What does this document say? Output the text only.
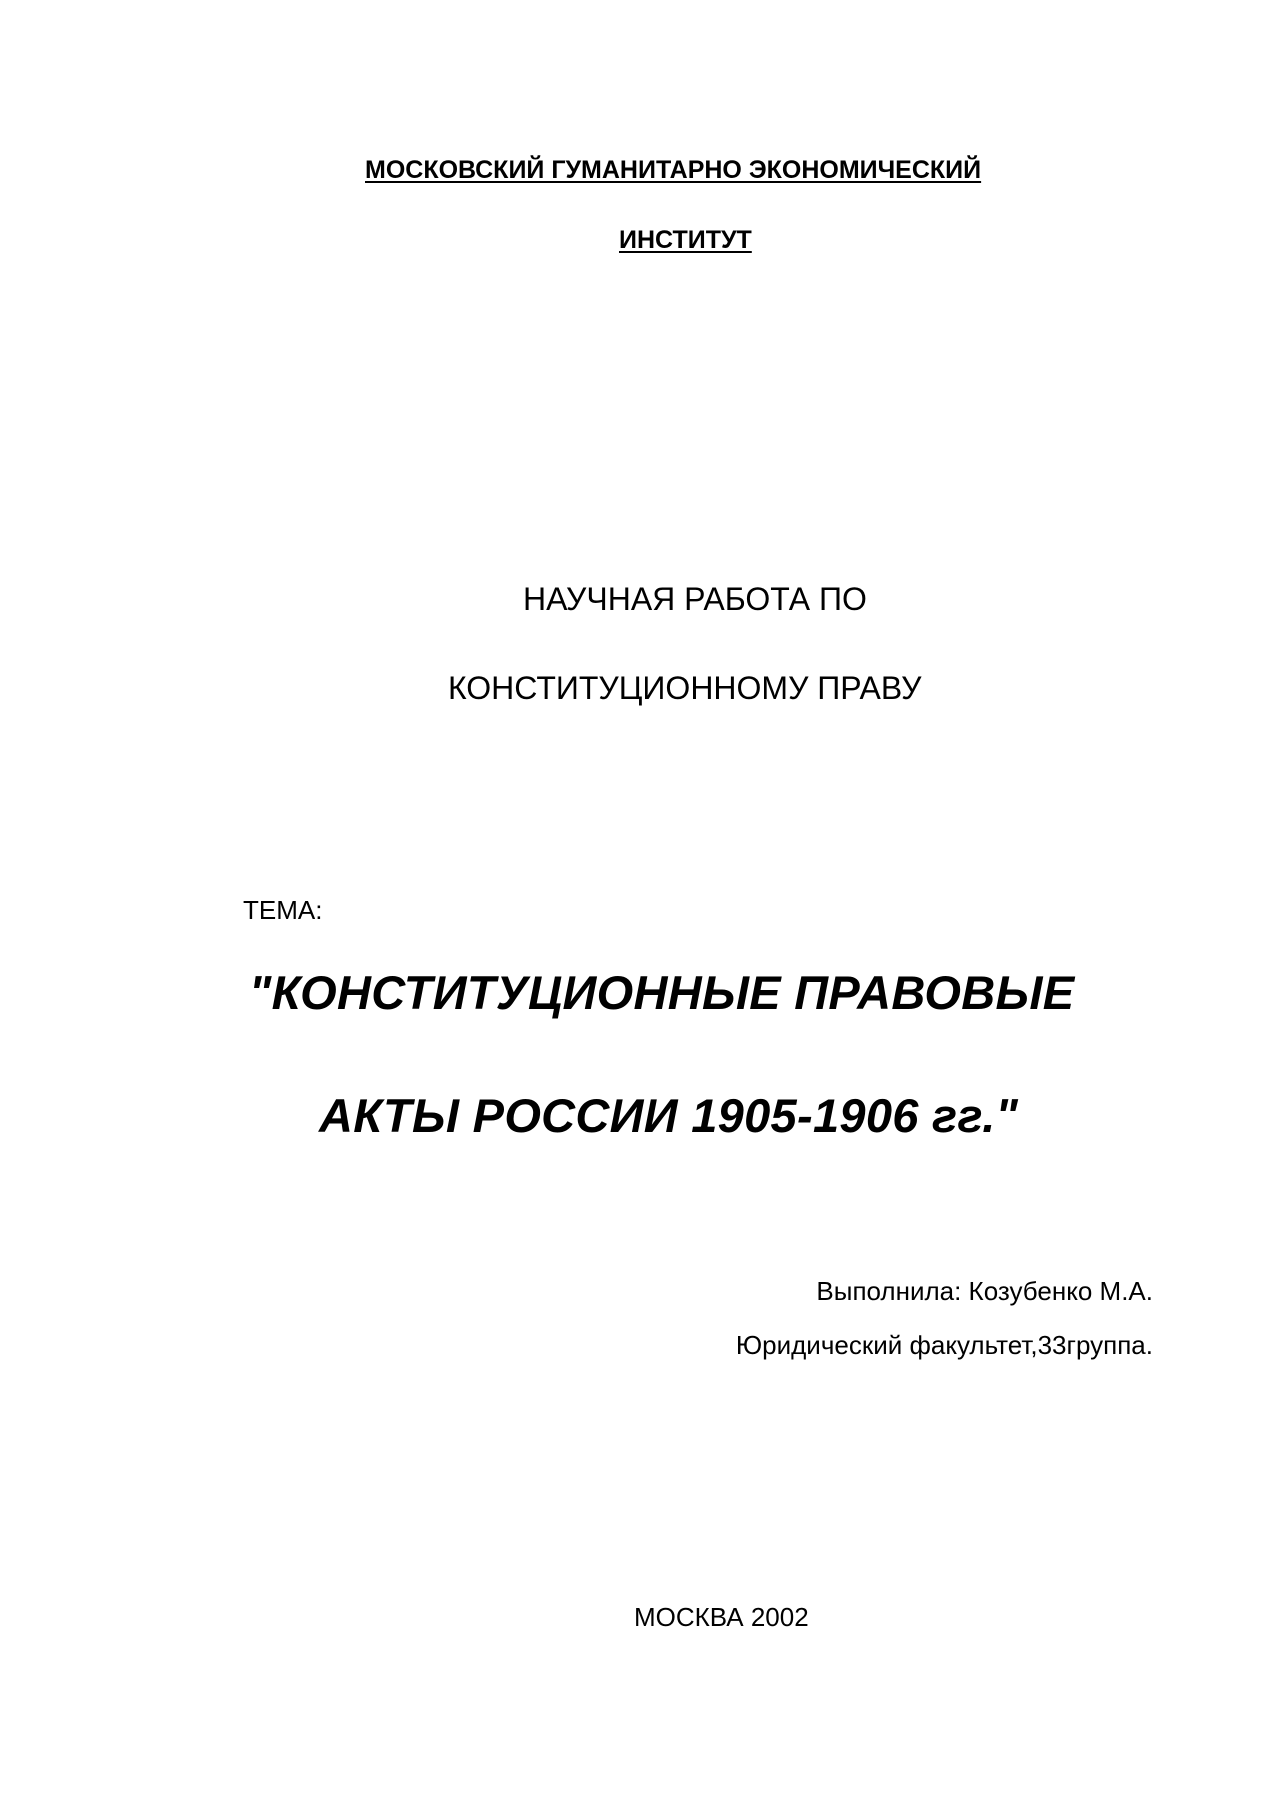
МОСКОВСКИЙ ГУМАНИТАРНО ЭКОНОМИЧЕСКИЙ
ИНСТИТУТ
НАУЧНАЯ РАБОТА ПО
КОНСТИТУЦИОННОМУ ПРАВУ
ТЕМА:
"КОНСТИТУЦИОННЫЕ ПРАВОВЫЕ
АКТЫ РОССИИ 1905-1906 гг."
Выполнила: Козубенко М.А.
Юридический факультет,33группа.
МОСКВА 2002
